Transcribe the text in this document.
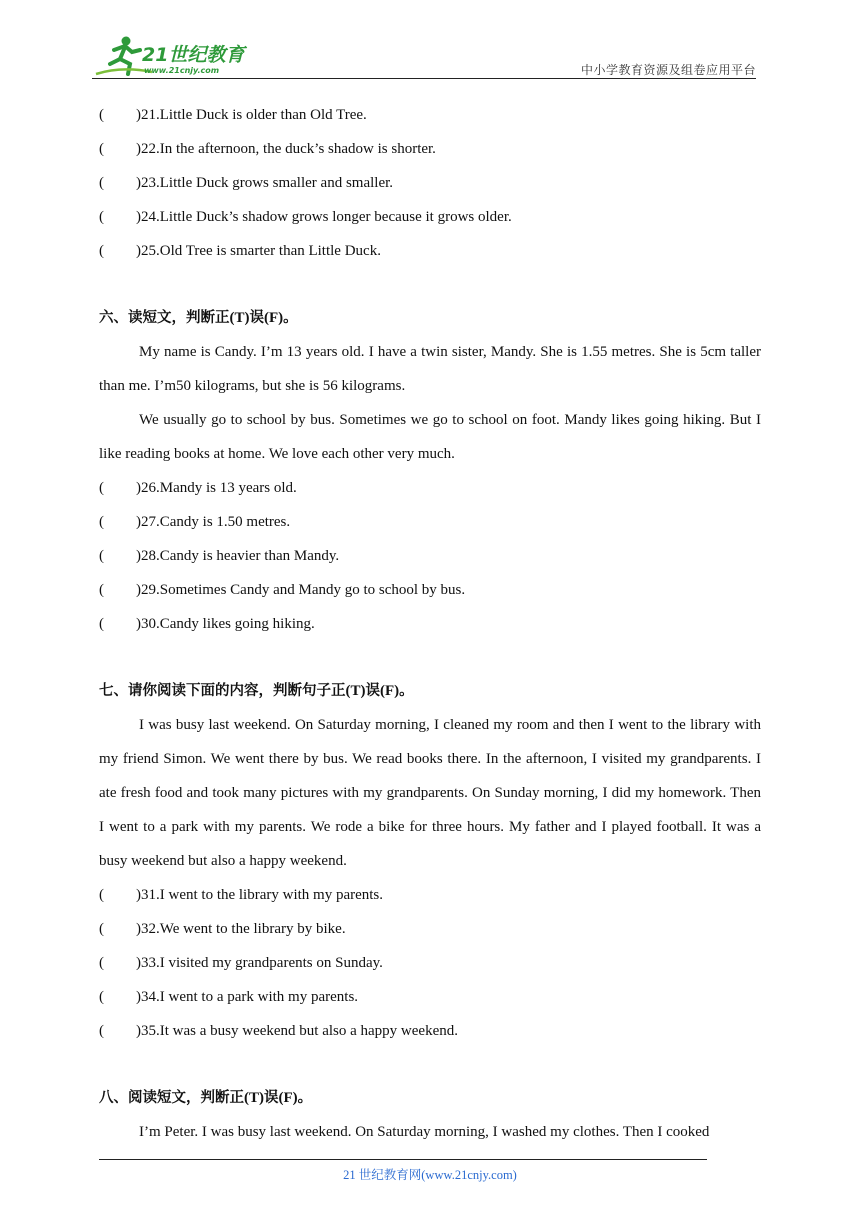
21世纪教育
www.21cnjy.com	中小学教育资源及组卷应用平台
(	)21.Little Duck is older than Old Tree.
(	)22.In the afternoon, the duck’s shadow is shorter.
(	)23.Little Duck grows smaller and smaller.
(	)24.Little Duck’s shadow grows longer because it grows older.
(	)25.Old Tree is smarter than Little Duck.
六、读短文，判断正(T)误(F)。
My name is Candy. I’m 13 years old. I have a twin sister, Mandy. She is 1.55 metres. She is 5cm taller than me. I’m50 kilograms, but she is 56 kilograms.
We usually go to school by bus. Sometimes we go to school on foot. Mandy likes going hiking. But I like reading books at home. We love each other very much.
(	)26.Mandy is 13 years old.
(	)27.Candy is 1.50 metres.
(	)28.Candy is heavier than Mandy.
(	)29.Sometimes Candy and Mandy go to school by bus.
(	)30.Candy likes going hiking.
七、请你阅读下面的内容，判断句子正(T)误(F)。
I was busy last weekend. On Saturday morning, I cleaned my room and then I went to the library with my friend Simon. We went there by bus. We read books there. In the afternoon, I visited my grandparents. I ate fresh food and took many pictures with my grandparents. On Sunday morning, I did my homework. Then I went to a park with my parents. We rode a bike for three hours. My father and I played football. It was a busy weekend but also a happy weekend.
(	)31.I went to the library with my parents.
(	)32.We went to the library by bike.
(	)33.I visited my grandparents on Sunday.
(	)34.I went to a park with my parents.
(	)35.It was a busy weekend but also a happy weekend.
八、阅读短文，判断正(T)误(F)。
I’m Peter. I was busy last weekend. On Saturday morning, I washed my clothes. Then I cooked
21 世纪教育网(www.21cnjy.com)
